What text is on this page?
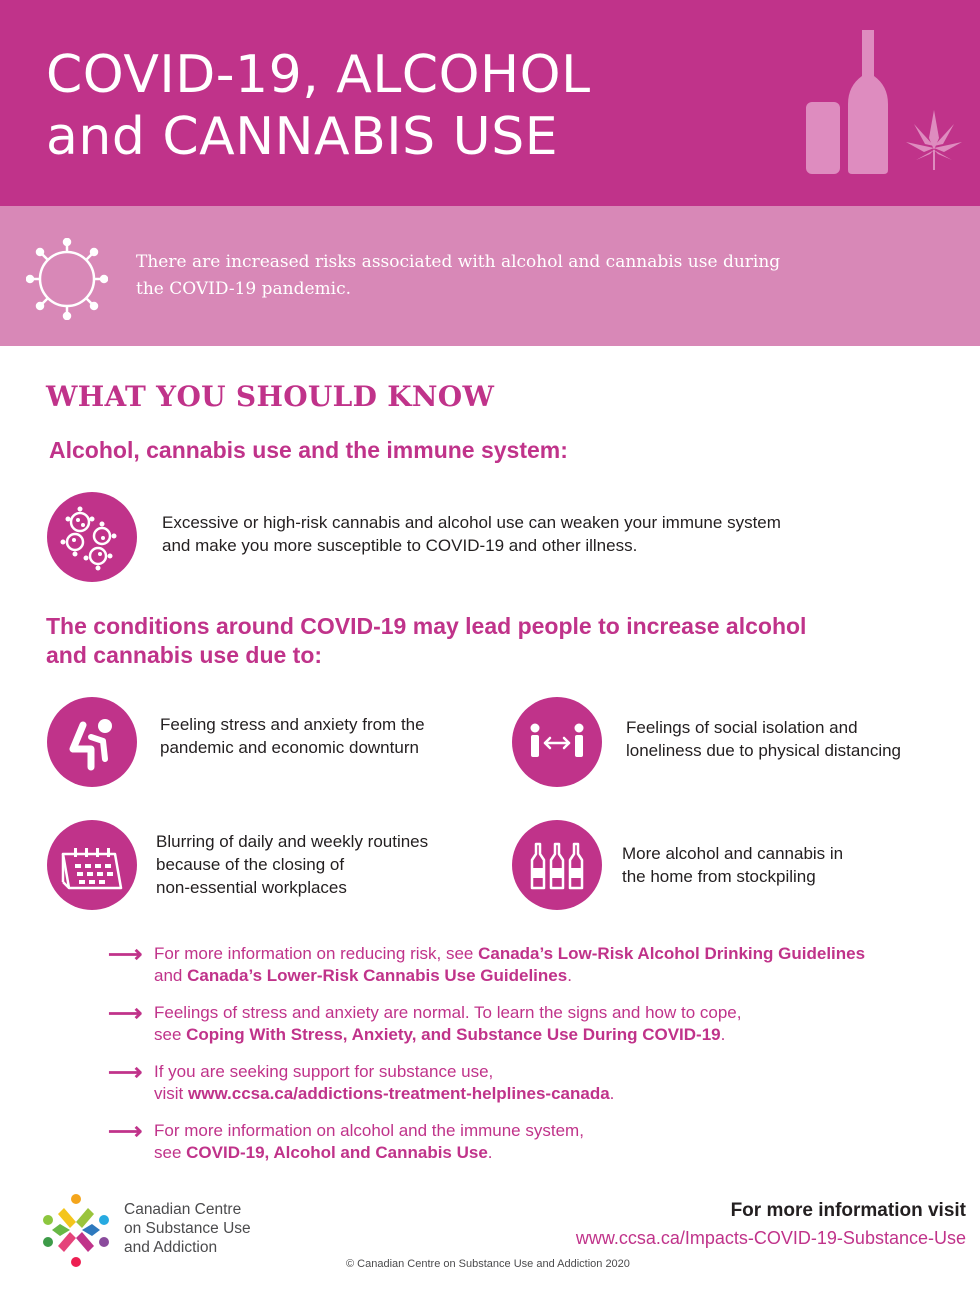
COVID-19, ALCOHOL
and CANNABIS USE
There are increased risks associated with alcohol and cannabis use during
the COVID-19 pandemic.
WHAT YOU SHOULD KNOW
Alcohol, cannabis use and the immune system:
Excessive or high-risk cannabis and alcohol use can weaken your immune system
and make you more susceptible to COVID-19 and other illness.
The conditions around COVID-19 may lead people to increase alcohol
and cannabis use due to:
Feeling stress and anxiety from the
pandemic and economic downturn
Feelings of social isolation and
loneliness due to physical distancing
Blurring of daily and weekly routines
because of the closing of
non-essential workplaces
More alcohol and cannabis in
the home from stockpiling
⟶ For more information on reducing risk, see Canada’s Low-Risk Alcohol Drinking Guidelines
and Canada’s Lower-Risk Cannabis Use Guidelines.
⟶ Feelings of stress and anxiety are normal. To learn the signs and how to cope,
see Coping With Stress, Anxiety, and Substance Use During COVID-19.
⟶ If you are seeking support for substance use,
visit www.ccsa.ca/addictions-treatment-helplines-canada.
⟶ For more information on alcohol and the immune system,
see COVID-19, Alcohol and Cannabis Use.
Canadian Centre
on Substance Use
and Addiction
For more information visit
www.ccsa.ca/Impacts-COVID-19-Substance-Use
© Canadian Centre on Substance Use and Addiction 2020
